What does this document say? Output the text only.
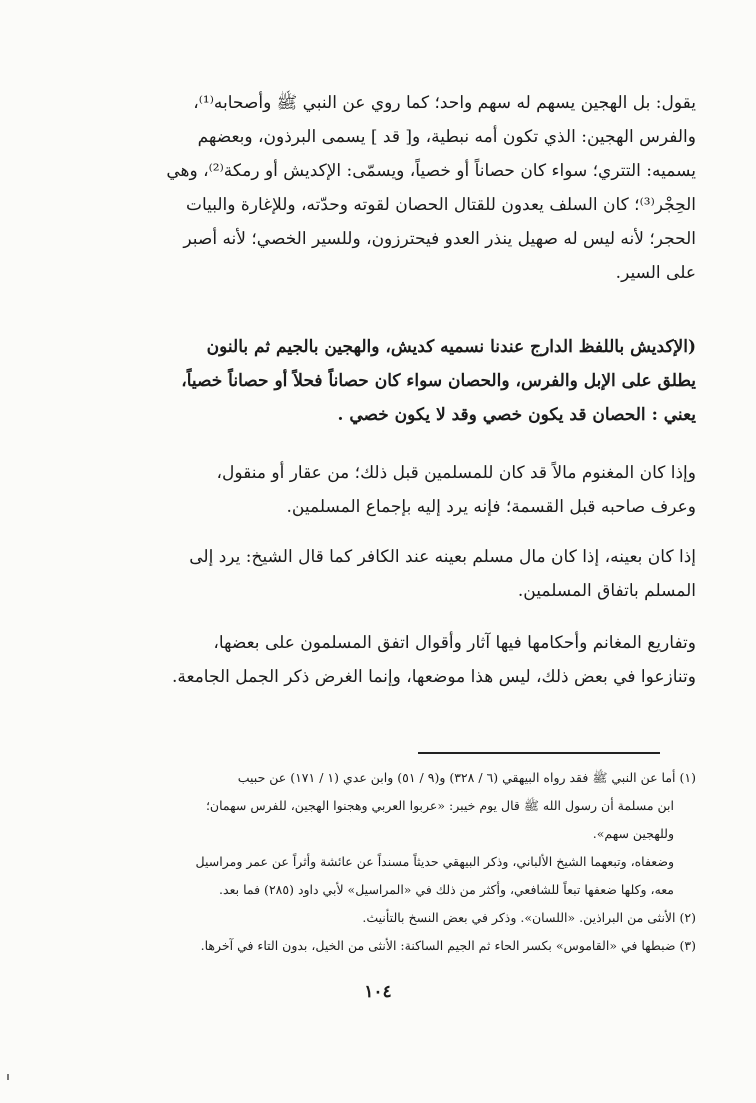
يقول: بل الهجين يسهم له سهم واحد؛ كما روي عن النبي ﷺ وأصحابه⁽¹⁾،
والفرس الهجين: الذي تكون أمه نبطية، و[ قد ] يسمى البرذون، وبعضهم
يسميه: التتري؛ سواء كان حصاناً أو خصياً، ويسمّى: الإكديش أو رمكة⁽²⁾، وهي
الحِجْر⁽³⁾؛ كان السلف يعدون للقتال الحصان لقوته وحدّته، وللإغارة والبيات
الحجر؛ لأنه ليس له صهيل ينذر العدو فيحترزون، وللسير الخصي؛ لأنه أصبر
على السير.
(الإكديش باللفظ الدارج عندنا نسميه كديش، والهجين بالجيم ثم بالنون
يطلق على الإبل والفرس، والحصان سواء كان حصاناً فحلاً أو حصاناً خصياً،
يعني : الحصان قد يكون خصي وقد لا يكون خصي .
وإذا كان المغنوم مالاً قد كان للمسلمين قبل ذلك؛ من عقار أو منقول،
وعرف صاحبه قبل القسمة؛ فإنه يرد إليه بإجماع المسلمين.
إذا كان بعينه، إذا كان مال مسلم بعينه عند الكافر كما قال الشيخ: يرد إلى
المسلم باتفاق المسلمين.
وتفاريع المغانم وأحكامها فيها آثار وأقوال اتفق المسلمون على بعضها،
وتنازعوا في بعض ذلك، ليس هذا موضعها، وإنما الغرض ذكر الجمل الجامعة.
(١) أما عن النبي ﷺ فقد رواه البيهقي (٦ / ٣٢٨) و(٩ / ٥١) وابن عدي (١ / ١٧١) عن حبيب
ابن مسلمة أن رسول الله ﷺ قال يوم خيبر: «عربوا العربي وهجنوا الهجين، للفرس سهمان؛
وللهجين سهم».
وضعفاه، وتبعهما الشيخ الألباني، وذكر البيهقي حديثاً مسنداً عن عائشة وأثراً عن عمر ومراسيل
معه، وكلها ضعفها تبعاً للشافعي، وأكثر من ذلك في «المراسيل» لأبي داود (٢٨٥) فما بعد.
(٢) الأنثى من البراذين. «اللسان». وذكر في بعض النسخ بالتأنيث.
(٣) ضبطها في «القاموس» بكسر الحاء ثم الجيم الساكنة: الأنثى من الخيل، بدون التاء في آخرها.
١٠٤
